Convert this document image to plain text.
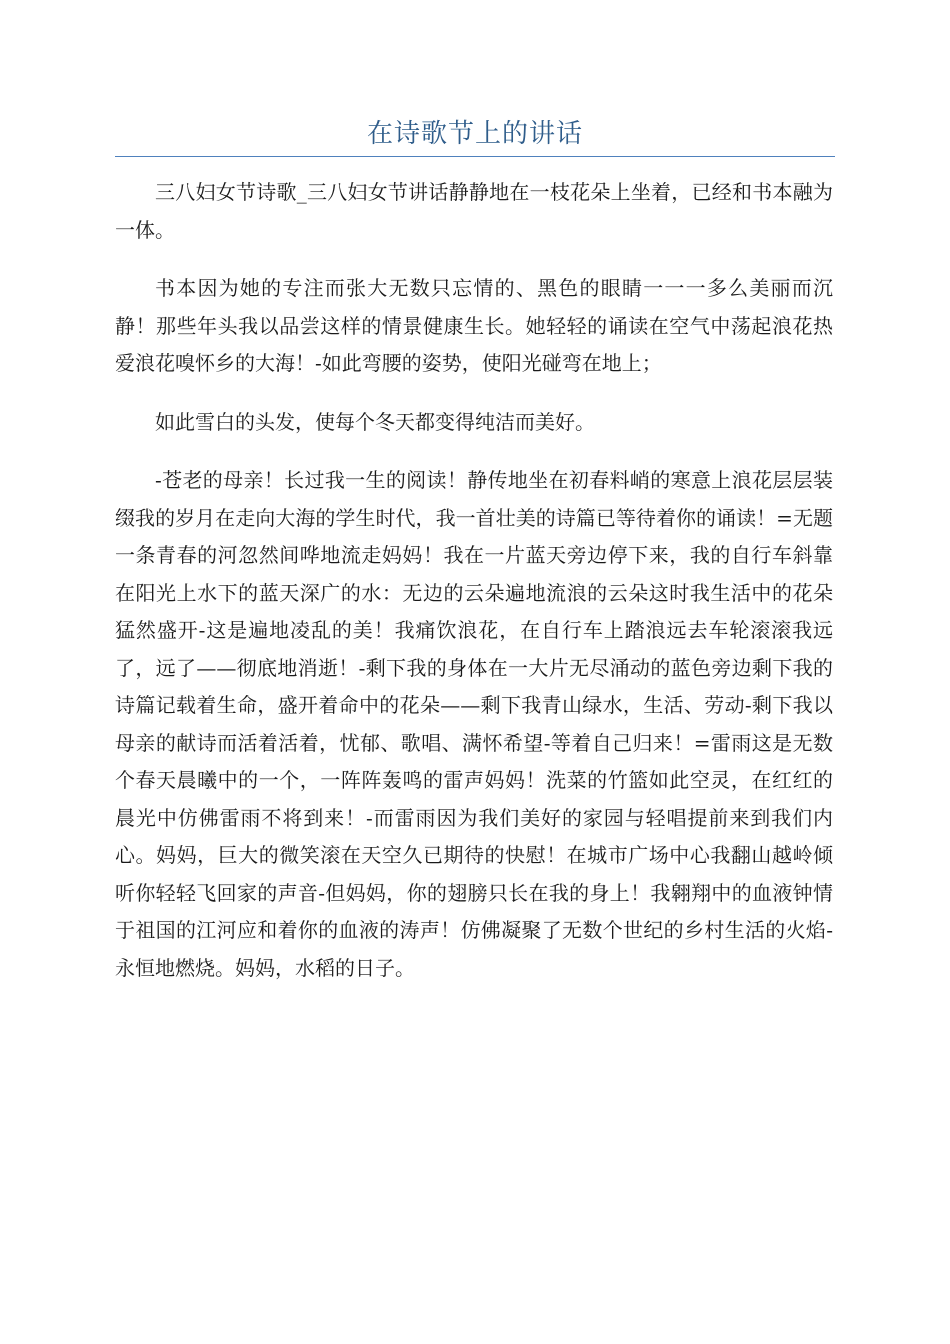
在诗歌节上的讲话

三八妇女节诗歌_三八妇女节讲话静静地在一枝花朵上坐着，已经和书本融为一体。

书本因为她的专注而张大无数只忘情的、黑色的眼睛一一一多么美丽而沉静！那些年头我以品尝这样的情景健康生长。她轻轻的诵读在空气中荡起浪花热爱浪花嗅怀乡的大海！-如此弯腰的姿势，使阳光碰弯在地上；

如此雪白的头发，使每个冬天都变得纯洁而美好。

-苍老的母亲！长过我一生的阅读！静传地坐在初春料峭的寒意上浪花层层装缀我的岁月在走向大海的学生时代，我一首壮美的诗篇已等待着你的诵读！=无题一条青春的河忽然间哗地流走妈妈！我在一片蓝天旁边停下来，我的自行车斜靠在阳光上水下的蓝天深广的水：无边的云朵遍地流浪的云朵这时我生活中的花朵猛然盛开-这是遍地凌乱的美！我痛饮浪花，在自行车上踏浪远去车轮滚滚我远了，远了——彻底地消逝！-剩下我的身体在一大片无尽涌动的蓝色旁边剩下我的诗篇记载着生命，盛开着命中的花朵——剩下我青山绿水，生活、劳动-剩下我以母亲的献诗而活着活着，忧郁、歌唱、满怀希望-等着自己归来！=雷雨这是无数个春天晨曦中的一个，一阵阵轰鸣的雷声妈妈！洗菜的竹篮如此空灵，在红红的晨光中仿佛雷雨不将到来！-而雷雨因为我们美好的家园与轻唱提前来到我们内心。妈妈，巨大的微笑滚在天空久已期待的快慰！在城市广场中心我翻山越岭倾听你轻轻飞回家的声音-但妈妈，你的翅膀只长在我的身上！我翱翔中的血液钟情于祖国的江河应和着你的血液的涛声！仿佛凝聚了无数个世纪的乡村生活的火焰-永恒地燃烧。妈妈，水稻的日子。
